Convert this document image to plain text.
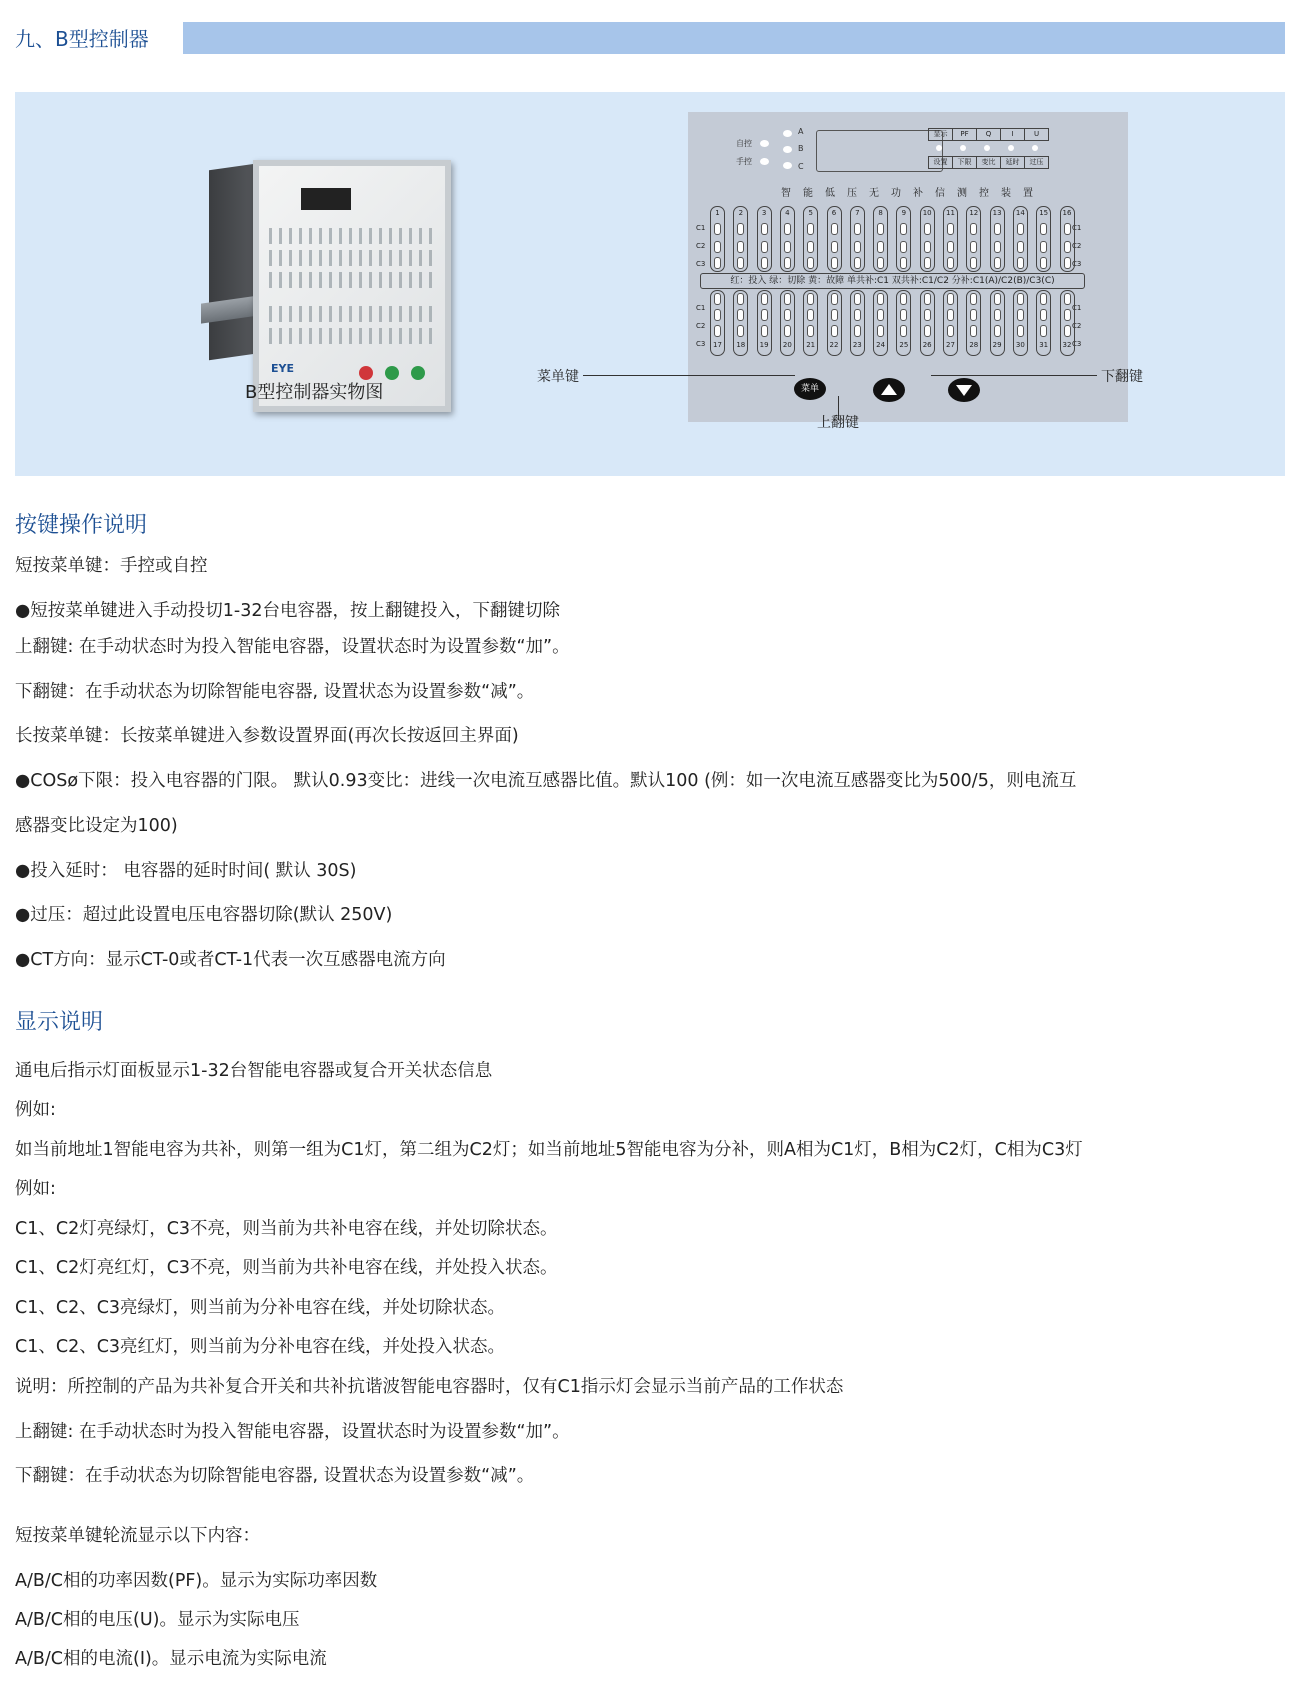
九、B型控制器
EYE
B型控制器实物图
自控
手控
A
B
C
显示	PF	Q	I	U
设置	下限	变比	延时	过压
智	能	低	压	无	功	补	信	测	控	装	置
C1
C2
C3
C1
C2
C3
红：投入 绿：切除 黄：故障 单共补:C1 双共补:C1/C2 分补:C1(A)/C2(B)/C3(C)
C1
C2
C3
C1
C2
C3
菜单
1	2	3	4	5	6	7	8	9	10 11 12 13 14 15 16
17 18 19 20 21 22 23 24 25 26 27 28 29 30 31 32
菜单键
上翻键
下翻键
按键操作说明
短按菜单键：手控或自控
●短按菜单键进入手动投切1-32台电容器，按上翻键投入，下翻键切除
上翻键: 在手动状态时为投入智能电容器，设置状态时为设置参数“加”。
下翻键：在手动状态为切除智能电容器, 设置状态为设置参数“减”。
长按菜单键：长按菜单键进入参数设置界面(再次长按返回主界面)
●COSø下限：投入电容器的门限。 默认0.93变比：进线一次电流互感器比值。默认100 (例：如一次电流互感器变比为500/5，则电流互
感器变比设定为100)
●投入延时： 电容器的延时时间( 默认 30S)
●过压：超过此设置电压电容器切除(默认 250V)
●CT方向：显示CT-0或者CT-1代表一次互感器电流方向
显示说明
通电后指示灯面板显示1-32台智能电容器或复合开关状态信息
例如:
如当前地址1智能电容为共补，则第一组为C1灯，第二组为C2灯；如当前地址5智能电容为分补，则A相为C1灯，B相为C2灯，C相为C3灯
例如:
C1、C2灯亮绿灯，C3不亮，则当前为共补电容在线，并处切除状态。
C1、C2灯亮红灯，C3不亮，则当前为共补电容在线，并处投入状态。
C1、C2、C3亮绿灯，则当前为分补电容在线，并处切除状态。
C1、C2、C3亮红灯，则当前为分补电容在线，并处投入状态。
说明：所控制的产品为共补复合开关和共补抗谐波智能电容器时，仅有C1指示灯会显示当前产品的工作状态
上翻键: 在手动状态时为投入智能电容器，设置状态时为设置参数“加”。
下翻键：在手动状态为切除智能电容器, 设置状态为设置参数“减”。
短按菜单键轮流显示以下内容：
A/B/C相的功率因数(PF)。显示为实际功率因数
A/B/C相的电压(U)。显示为实际电压
A/B/C相的电流(I)。显示电流为实际电流
